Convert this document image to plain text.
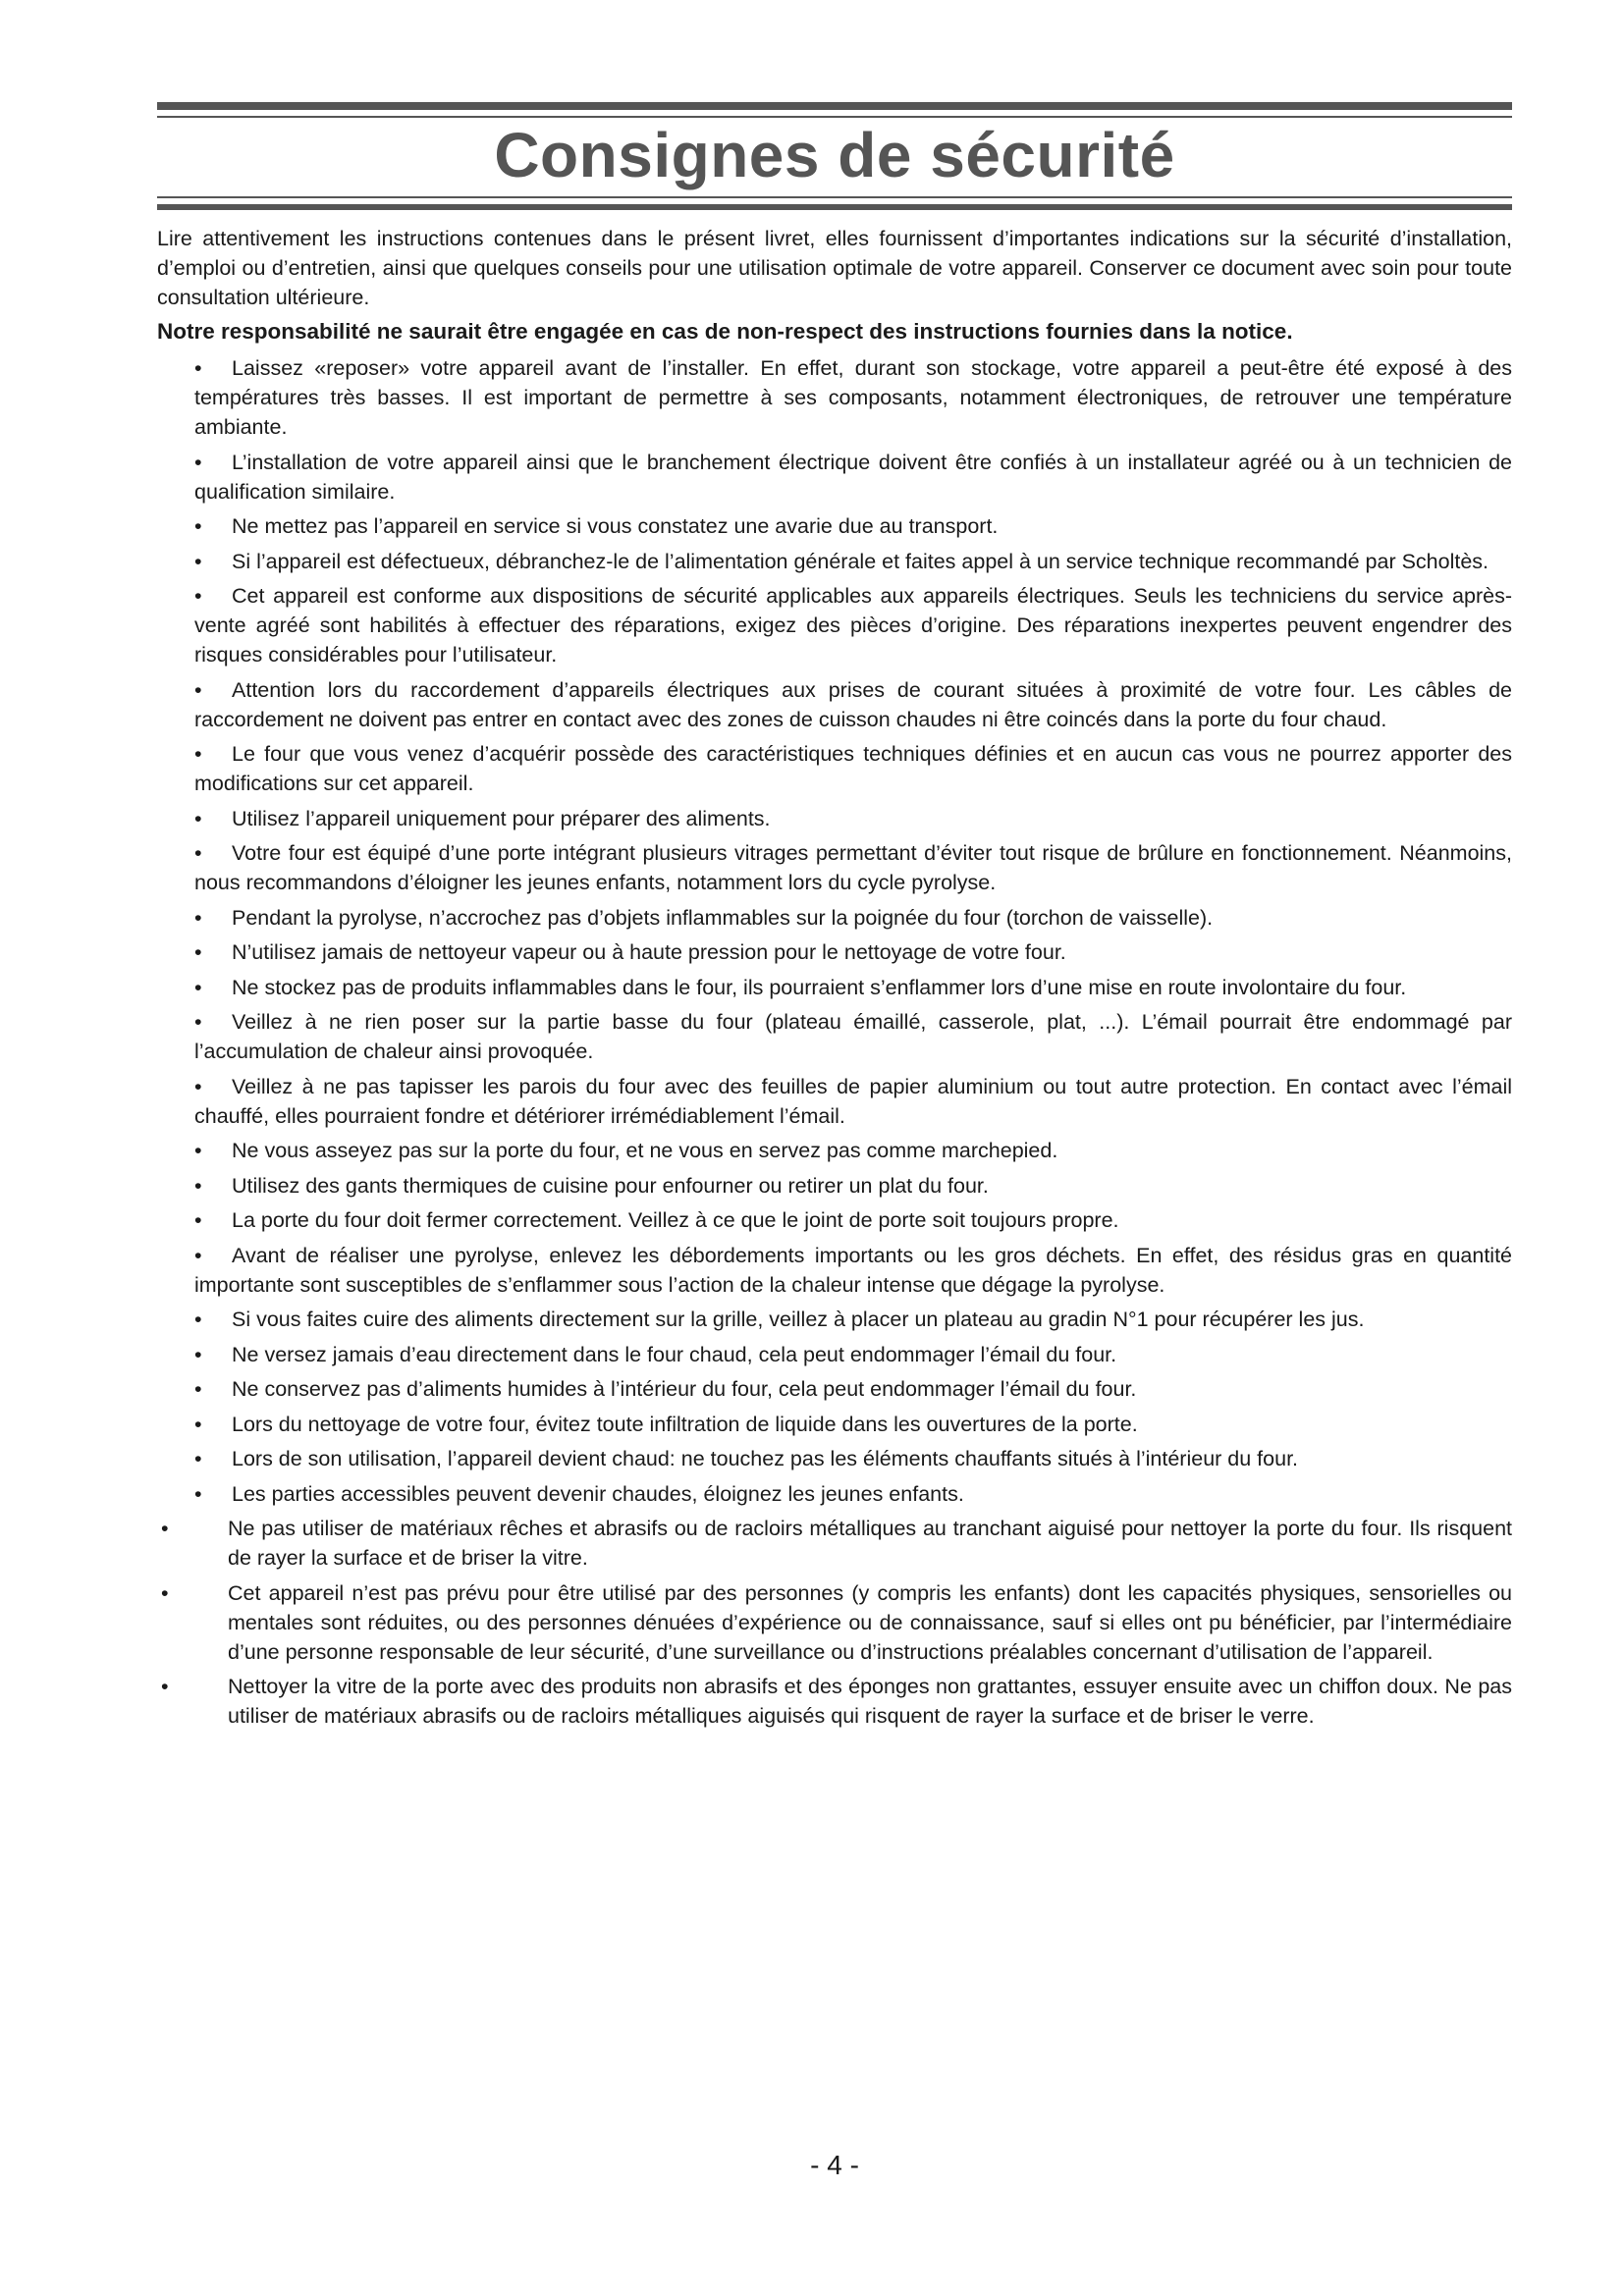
Consignes de sécurité

Lire attentivement les instructions contenues dans le présent livret, elles fournissent d’importantes indications sur la sécurité d’installation, d’emploi ou d’entretien, ainsi que quelques conseils pour une utilisation optimale de votre appareil. Conserver ce document avec soin pour toute consultation ultérieure.

Notre responsabilité ne saurait être engagée en cas de non-respect des instructions fournies dans la notice.

• Laissez «reposer» votre appareil avant de l’installer. En effet, durant son stockage, votre appareil a peut-être été exposé à des températures très basses. Il est important de permettre à ses composants, notamment électroniques, de retrouver une température ambiante.
• L’installation de votre appareil ainsi que le branchement électrique doivent être confiés à un installateur agréé ou à un technicien de qualification similaire.
• Ne mettez pas l’appareil en service si vous constatez une avarie due au transport.
• Si l’appareil est défectueux, débranchez-le de l’alimentation générale et faites appel à un service technique recommandé par Scholtès.
• Cet appareil est conforme aux dispositions de sécurité applicables aux appareils électriques. Seuls les techniciens du service après-vente agréé sont habilités à effectuer des réparations, exigez des pièces d’origine. Des réparations inexpertes peuvent engendrer des risques considérables pour l’utilisateur.
• Attention lors du raccordement d’appareils électriques aux prises de courant situées à proximité de votre four. Les câbles de raccordement ne doivent pas entrer en contact avec des zones de cuisson chaudes ni être coincés dans la porte du four chaud.
• Le four que vous venez d’acquérir possède des caractéristiques techniques définies et en aucun cas vous ne pourrez apporter des modifications sur cet appareil.
• Utilisez l’appareil uniquement pour préparer des aliments.
• Votre four est équipé d’une porte intégrant plusieurs vitrages permettant d’éviter tout risque de brûlure en fonctionnement. Néanmoins, nous recommandons d’éloigner les jeunes enfants, notamment lors du cycle pyrolyse.
• Pendant la pyrolyse, n’accrochez pas d’objets inflammables sur la poignée du four (torchon de vaisselle).
• N’utilisez jamais de nettoyeur vapeur ou à haute pression pour le nettoyage de votre four.
• Ne stockez pas de produits inflammables dans le four, ils pourraient s’enflammer lors d’une mise en route involontaire du four.
• Veillez à ne rien poser sur la partie basse du four (plateau émaillé, casserole, plat, ...). L’émail pourrait être endommagé par l’accumulation de chaleur ainsi provoquée.
• Veillez à ne pas tapisser les parois du four avec des feuilles de papier aluminium ou tout autre protection. En contact avec l’émail chauffé, elles pourraient fondre et détériorer irrémédiablement l’émail.
• Ne vous asseyez pas sur la porte du four, et ne vous en servez pas comme marchepied.
• Utilisez des gants thermiques de cuisine pour enfourner ou retirer un plat du four.
• La porte du four doit fermer correctement. Veillez à ce que le joint de porte soit toujours propre.
• Avant de réaliser une pyrolyse, enlevez les débordements importants ou les gros déchets. En effet, des résidus gras en quantité importante sont susceptibles de s’enflammer sous l’action de la chaleur intense que dégage la pyrolyse.
• Si vous faites cuire des aliments directement sur la grille, veillez à placer un plateau au gradin N°1 pour récupérer les jus.
• Ne versez jamais d’eau directement dans le four chaud, cela peut endommager l’émail du four.
• Ne conservez pas d’aliments humides à l’intérieur du four, cela peut endommager l’émail du four.
• Lors du nettoyage de votre four, évitez toute infiltration de liquide dans les ouvertures de la porte.
• Lors de son utilisation, l’appareil devient chaud: ne touchez pas les éléments chauffants situés à l’intérieur du four.
• Les parties accessibles peuvent devenir chaudes, éloignez les jeunes enfants.
•	Ne pas utiliser de matériaux rêches et abrasifs ou de racloirs métalliques au tranchant aiguisé pour nettoyer la porte du four. Ils risquent de rayer la surface et de briser la vitre.
•	Cet appareil n’est pas prévu pour être utilisé par des personnes (y compris les enfants) dont les capacités physiques, sensorielles ou mentales sont réduites, ou des personnes dénuées d’expérience ou de connaissance, sauf si elles ont pu bénéficier, par l’intermédiaire d’une personne responsable de leur sécurité, d’une surveillance ou d’instructions préalables concernant d’utilisation de l’appareil.
•	Nettoyer la vitre de la porte avec des produits non abrasifs et des éponges non grattantes, essuyer ensuite avec un chiffon doux. Ne pas utiliser de matériaux abrasifs ou de racloirs métalliques aiguisés qui risquent de rayer la surface et de briser le verre.
- 4 -
